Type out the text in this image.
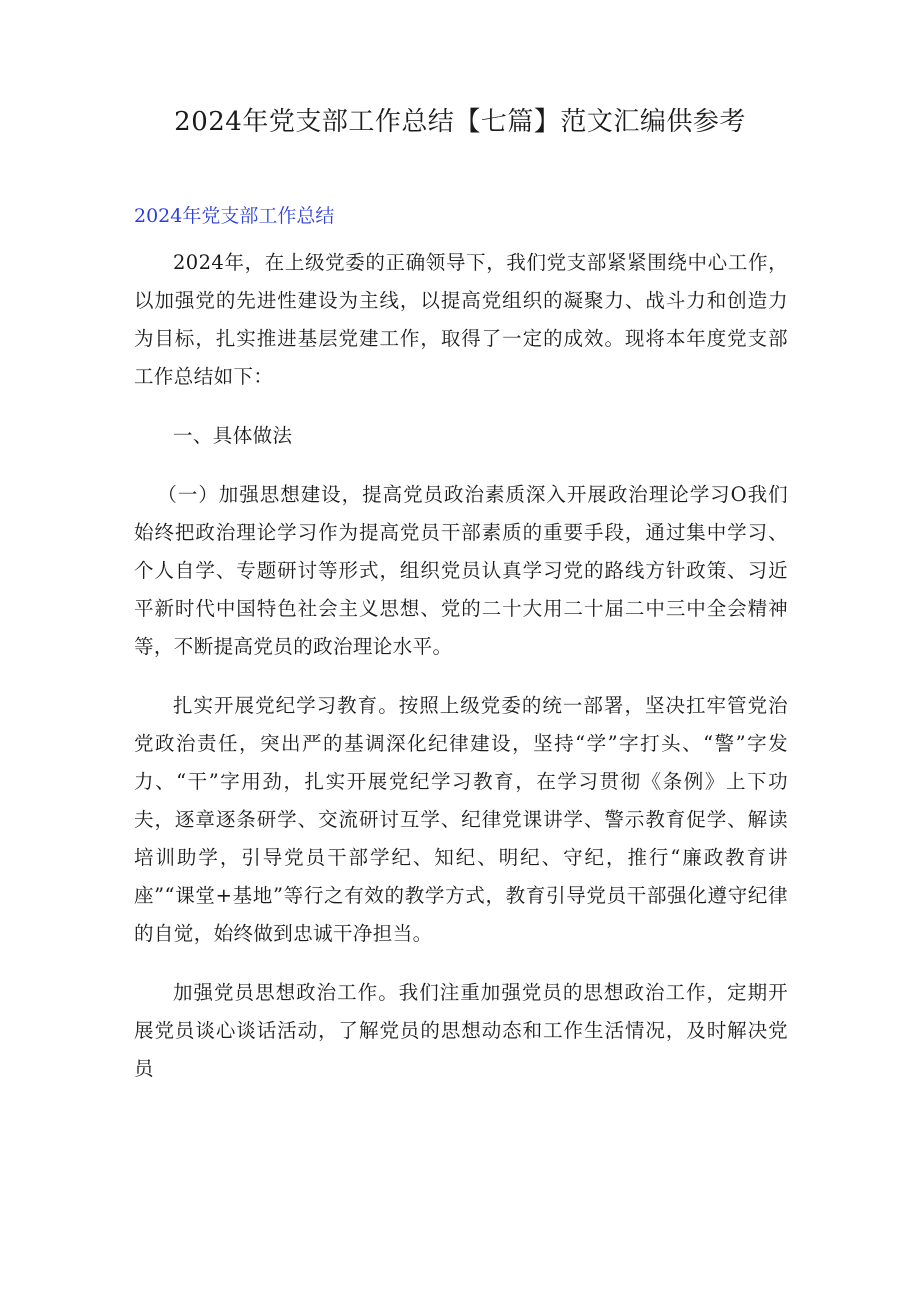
2024年党支部工作总结【七篇】范文汇编供参考

2024年党支部工作总结

2024年，在上级党委的正确领导下，我们党支部紧紧围绕中心工作，以加强党的先进性建设为主线，以提高党组织的凝聚力、战斗力和创造力为目标，扎实推进基层党建工作，取得了一定的成效。现将本年度党支部工作总结如下：

一、具体做法

（一）加强思想建设，提高党员政治素质深入开展政治理论学习O我们始终把政治理论学习作为提高党员干部素质的重要手段，通过集中学习、个人自学、专题研讨等形式，组织党员认真学习党的路线方针政策、习近平新时代中国特色社会主义思想、党的二十大用二十届二中三中全会精神等，不断提高党员的政治理论水平。

扎实开展党纪学习教育。按照上级党委的统一部署，坚决扛牢管党治党政治责任，突出严的基调深化纪律建设，坚持“学”字打头、“警”字发力、“干”字用劲，扎实开展党纪学习教育，在学习贯彻《条例》上下功夫，逐章逐条研学、交流研讨互学、纪律党课讲学、警示教育促学、解读培训助学，引导党员干部学纪、知纪、明纪、守纪，推行“廉政教育讲座”“课堂+基地”等行之有效的教学方式，教育引导党员干部强化遵守纪律的自觉，始终做到忠诚干净担当。

加强党员思想政治工作。我们注重加强党员的思想政治工作，定期开展党员谈心谈话活动，了解党员的思想动态和工作生活情况，及时解决党员
